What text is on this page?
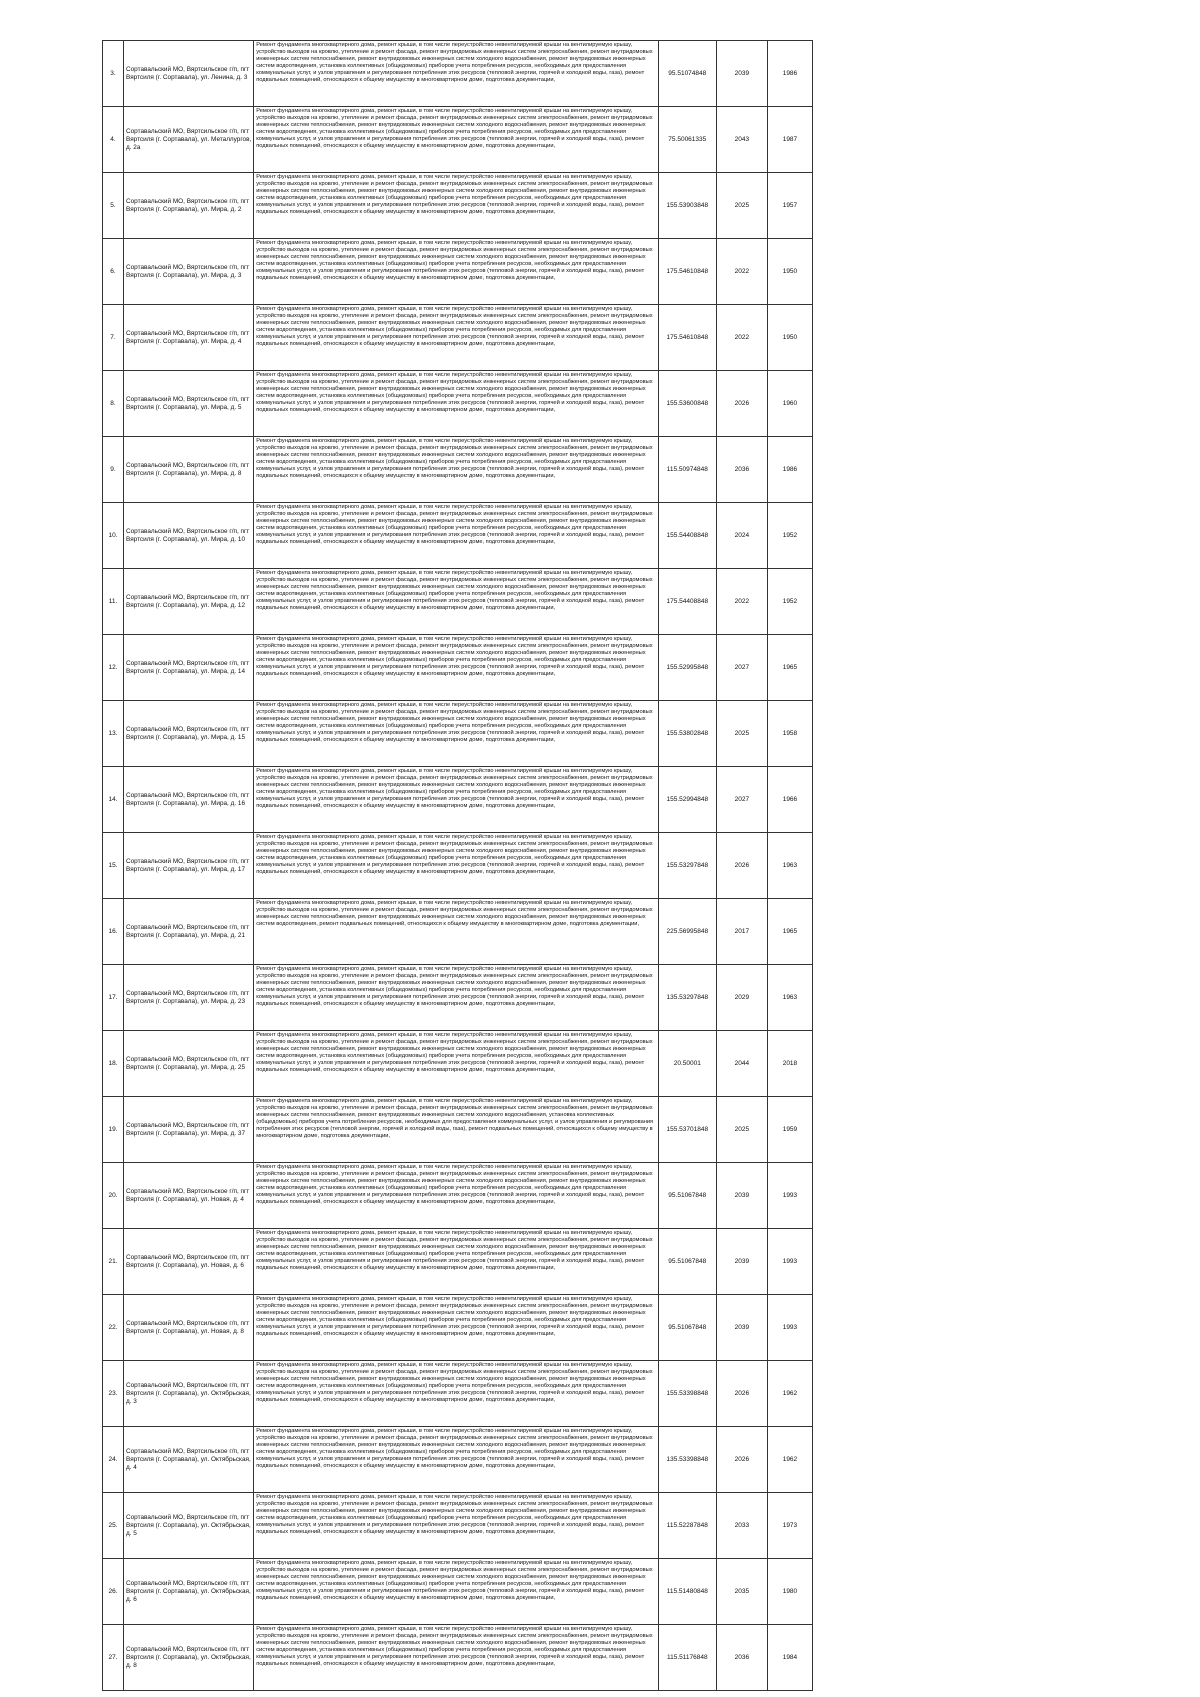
3.	Сортавальский МО, Вяртсильское г/п, пгт Вяртсиля (г. Сортавала), ул. Ленина, д. 3	Ремонт фундамента многоквартирного дома, ремонт крыши, в том числе переустройство невентилируемой крыши на вентилируемую крышу, устройство выходов на кровлю, утепление и ремонт фасада, ремонт внутридомовых инженерных систем электроснабжения, ремонт внутридомовых инженерных систем теплоснабжения, ремонт внутридомовых инженерных систем холодного водоснабжения, ремонт внутридомовых инженерных систем водоотведения, установка коллективных (общедомовых) приборов учета потребления ресурсов, необходимых для предоставления коммунальных услуг, и узлов управления и регулирования потребления этих ресурсов (тепловой энергии, горячей и холодной воды, газа), ремонт подвальных помещений, относящихся к общему имуществу в многоквартирном доме, подготовка документации,	95.51074848	2039	1986

4.	Сортавальский МО, Вяртсильское г/п, пгт Вяртсиля (г. Сортавала), ул. Металлургов, д. 2а	Ремонт фундамента многоквартирного дома, ремонт крыши, в том числе переустройство невентилируемой крыши на вентилируемую крышу, устройство выходов на кровлю, утепление и ремонт фасада, ремонт внутридомовых инженерных систем электроснабжения, ремонт внутридомовых инженерных систем теплоснабжения, ремонт внутридомовых инженерных систем холодного водоснабжения, ремонт внутридомовых инженерных систем водоотведения, установка коллективных (общедомовых) приборов учета потребления ресурсов, необходимых для предоставления коммунальных услуг, и узлов управления и регулирования потребления этих ресурсов (тепловой энергии, горячей и холодной воды, газа), ремонт подвальных помещений, относящихся к общему имуществу в многоквартирном доме, подготовка документации,	75.50061335	2043	1987

5.	Сортавальский МО, Вяртсильское г/п, пгт Вяртсиля (г. Сортавала), ул. Мира, д. 2	Ремонт фундамента многоквартирного дома, ремонт крыши, в том числе переустройство невентилируемой крыши на вентилируемую крышу, устройство выходов на кровлю, утепление и ремонт фасада, ремонт внутридомовых инженерных систем электроснабжения, ремонт внутридомовых инженерных систем теплоснабжения, ремонт внутридомовых инженерных систем холодного водоснабжения, ремонт внутридомовых инженерных систем водоотведения, установка коллективных (общедомовых) приборов учета потребления ресурсов, необходимых для предоставления коммунальных услуг, и узлов управления и регулирования потребления этих ресурсов (тепловой энергии, горячей и холодной воды, газа), ремонт подвальных помещений, относящихся к общему имуществу в многоквартирном доме, подготовка документации,	155.53903848	2025	1957

6.	Сортавальский МО, Вяртсильское г/п, пгт Вяртсиля (г. Сортавала), ул. Мира, д. 3	Ремонт фундамента многоквартирного дома, ремонт крыши, в том числе переустройство невентилируемой крыши на вентилируемую крышу, устройство выходов на кровлю, утепление и ремонт фасада, ремонт внутридомовых инженерных систем электроснабжения, ремонт внутридомовых инженерных систем теплоснабжения, ремонт внутридомовых инженерных систем холодного водоснабжения, ремонт внутридомовых инженерных систем водоотведения, установка коллективных (общедомовых) приборов учета потребления ресурсов, необходимых для предоставления коммунальных услуг, и узлов управления и регулирования потребления этих ресурсов (тепловой энергии, горячей и холодной воды, газа), ремонт подвальных помещений, относящихся к общему имуществу в многоквартирном доме, подготовка документации,	175.54610848	2022	1950

7.	Сортавальский МО, Вяртсильское г/п, пгт Вяртсиля (г. Сортавала), ул. Мира, д. 4	Ремонт фундамента многоквартирного дома, ремонт крыши, в том числе переустройство невентилируемой крыши на вентилируемую крышу, устройство выходов на кровлю, утепление и ремонт фасада, ремонт внутридомовых инженерных систем электроснабжения, ремонт внутридомовых инженерных систем теплоснабжения, ремонт внутридомовых инженерных систем холодного водоснабжения, ремонт внутридомовых инженерных систем водоотведения, установка коллективных (общедомовых) приборов учета потребления ресурсов, необходимых для предоставления коммунальных услуг, и узлов управления и регулирования потребления этих ресурсов (тепловой энергии, горячей и холодной воды, газа), ремонт подвальных помещений, относящихся к общему имуществу в многоквартирном доме, подготовка документации,	175.54610848	2022	1950

8.	Сортавальский МО, Вяртсильское г/п, пгт Вяртсиля (г. Сортавала), ул. Мира, д. 5	Ремонт фундамента многоквартирного дома, ремонт крыши, в том числе переустройство невентилируемой крыши на вентилируемую крышу, устройство выходов на кровлю, утепление и ремонт фасада, ремонт внутридомовых инженерных систем электроснабжения, ремонт внутридомовых инженерных систем теплоснабжения, ремонт внутридомовых инженерных систем холодного водоснабжения, ремонт внутридомовых инженерных систем водоотведения, установка коллективных (общедомовых) приборов учета потребления ресурсов, необходимых для предоставления коммунальных услуг, и узлов управления и регулирования потребления этих ресурсов (тепловой энергии, горячей и холодной воды, газа), ремонт подвальных помещений, относящихся к общему имуществу в многоквартирном доме, подготовка документации,	155.53600848	2026	1960

9.	Сортавальский МО, Вяртсильское г/п, пгт Вяртсиля (г. Сортавала), ул. Мира, д. 8	Ремонт фундамента многоквартирного дома, ремонт крыши, в том числе переустройство невентилируемой крыши на вентилируемую крышу, устройство выходов на кровлю, утепление и ремонт фасада, ремонт внутридомовых инженерных систем электроснабжения, ремонт внутридомовых инженерных систем теплоснабжения, ремонт внутридомовых инженерных систем холодного водоснабжения, ремонт внутридомовых инженерных систем водоотведения, установка коллективных (общедомовых) приборов учета потребления ресурсов, необходимых для предоставления коммунальных услуг, и узлов управления и регулирования потребления этих ресурсов (тепловой энергии, горячей и холодной воды, газа), ремонт подвальных помещений, относящихся к общему имуществу в многоквартирном доме, подготовка документации,	115.50974848	2036	1986

10.	Сортавальский МО, Вяртсильское г/п, пгт Вяртсиля (г. Сортавала), ул. Мира, д. 10	Ремонт фундамента многоквартирного дома, ремонт крыши, в том числе переустройство невентилируемой крыши на вентилируемую крышу, устройство выходов на кровлю, утепление и ремонт фасада, ремонт внутридомовых инженерных систем электроснабжения, ремонт внутридомовых инженерных систем теплоснабжения, ремонт внутридомовых инженерных систем холодного водоснабжения, ремонт внутридомовых инженерных систем водоотведения, установка коллективных (общедомовых) приборов учета потребления ресурсов, необходимых для предоставления коммунальных услуг, и узлов управления и регулирования потребления этих ресурсов (тепловой энергии, горячей и холодной воды, газа), ремонт подвальных помещений, относящихся к общему имуществу в многоквартирном доме, подготовка документации,	155.54408848	2024	1952

11.	Сортавальский МО, Вяртсильское г/п, пгт Вяртсиля (г. Сортавала), ул. Мира, д. 12	Ремонт фундамента многоквартирного дома, ремонт крыши, в том числе переустройство невентилируемой крыши на вентилируемую крышу, устройство выходов на кровлю, утепление и ремонт фасада, ремонт внутридомовых инженерных систем электроснабжения, ремонт внутридомовых инженерных систем теплоснабжения, ремонт внутридомовых инженерных систем холодного водоснабжения, ремонт внутридомовых инженерных систем водоотведения, установка коллективных (общедомовых) приборов учета потребления ресурсов, необходимых для предоставления коммунальных услуг, и узлов управления и регулирования потребления этих ресурсов (тепловой энергии, горячей и холодной воды, газа), ремонт подвальных помещений, относящихся к общему имуществу в многоквартирном доме, подготовка документации,	175.54408848	2022	1952

12.	Сортавальский МО, Вяртсильское г/п, пгт Вяртсиля (г. Сортавала), ул. Мира, д. 14	Ремонт фундамента многоквартирного дома, ремонт крыши, в том числе переустройство невентилируемой крыши на вентилируемую крышу, устройство выходов на кровлю, утепление и ремонт фасада, ремонт внутридомовых инженерных систем электроснабжения, ремонт внутридомовых инженерных систем теплоснабжения, ремонт внутридомовых инженерных систем холодного водоснабжения, ремонт внутридомовых инженерных систем водоотведения, установка коллективных (общедомовых) приборов учета потребления ресурсов, необходимых для предоставления коммунальных услуг, и узлов управления и регулирования потребления этих ресурсов (тепловой энергии, горячей и холодной воды, газа), ремонт подвальных помещений, относящихся к общему имуществу в многоквартирном доме, подготовка документации,	155.52995848	2027	1965

13.	Сортавальский МО, Вяртсильское г/п, пгт Вяртсиля (г. Сортавала), ул. Мира, д. 15	Ремонт фундамента многоквартирного дома, ремонт крыши, в том числе переустройство невентилируемой крыши на вентилируемую крышу, устройство выходов на кровлю, утепление и ремонт фасада, ремонт внутридомовых инженерных систем электроснабжения, ремонт внутридомовых инженерных систем теплоснабжения, ремонт внутридомовых инженерных систем холодного водоснабжения, ремонт внутридомовых инженерных систем водоотведения, установка коллективных (общедомовых) приборов учета потребления ресурсов, необходимых для предоставления коммунальных услуг, и узлов управления и регулирования потребления этих ресурсов (тепловой энергии, горячей и холодной воды, газа), ремонт подвальных помещений, относящихся к общему имуществу в многоквартирном доме, подготовка документации,	155.53802848	2025	1958

14.	Сортавальский МО, Вяртсильское г/п, пгт Вяртсиля (г. Сортавала), ул. Мира, д. 16	Ремонт фундамента многоквартирного дома, ремонт крыши, в том числе переустройство невентилируемой крыши на вентилируемую крышу, устройство выходов на кровлю, утепление и ремонт фасада, ремонт внутридомовых инженерных систем электроснабжения, ремонт внутридомовых инженерных систем теплоснабжения, ремонт внутридомовых инженерных систем холодного водоснабжения, ремонт внутридомовых инженерных систем водоотведения, установка коллективных (общедомовых) приборов учета потребления ресурсов, необходимых для предоставления коммунальных услуг, и узлов управления и регулирования потребления этих ресурсов (тепловой энергии, горячей и холодной воды, газа), ремонт подвальных помещений, относящихся к общему имуществу в многоквартирном доме, подготовка документации,	155.52994848	2027	1966

15.	Сортавальский МО, Вяртсильское г/п, пгт Вяртсиля (г. Сортавала), ул. Мира, д. 17	Ремонт фундамента многоквартирного дома, ремонт крыши, в том числе переустройство невентилируемой крыши на вентилируемую крышу, устройство выходов на кровлю, утепление и ремонт фасада, ремонт внутридомовых инженерных систем электроснабжения, ремонт внутридомовых инженерных систем теплоснабжения, ремонт внутридомовых инженерных систем холодного водоснабжения, ремонт внутридомовых инженерных систем водоотведения, установка коллективных (общедомовых) приборов учета потребления ресурсов, необходимых для предоставления коммунальных услуг, и узлов управления и регулирования потребления этих ресурсов (тепловой энергии, горячей и холодной воды, газа), ремонт подвальных помещений, относящихся к общему имуществу в многоквартирном доме, подготовка документации,	155.53297848	2026	1963

16.	Сортавальский МО, Вяртсильское г/п, пгт Вяртсиля (г. Сортавала), ул. Мира, д. 21	Ремонт фундамента многоквартирного дома, ремонт крыши, в том числе переустройство невентилируемой крыши на вентилируемую крышу, устройство выходов на кровлю, утепление и ремонт фасада, ремонт внутридомовых инженерных систем электроснабжения, ремонт внутридомовых инженерных систем теплоснабжения, ремонт внутридомовых инженерных систем холодного водоснабжения, ремонт внутридомовых инженерных систем водоотведения, ремонт подвальных помещений, относящихся к общему имуществу в многоквартирном доме, подготовка документации,	225.56995848	2017	1965

17.	Сортавальский МО, Вяртсильское г/п, пгт Вяртсиля (г. Сортавала), ул. Мира, д. 23	Ремонт фундамента многоквартирного дома, ремонт крыши, в том числе переустройство невентилируемой крыши на вентилируемую крышу, устройство выходов на кровлю, утепление и ремонт фасада, ремонт внутридомовых инженерных систем электроснабжения, ремонт внутридомовых инженерных систем теплоснабжения, ремонт внутридомовых инженерных систем холодного водоснабжения, ремонт внутридомовых инженерных систем водоотведения, установка коллективных (общедомовых) приборов учета потребления ресурсов, необходимых для предоставления коммунальных услуг, и узлов управления и регулирования потребления этих ресурсов (тепловой энергии, горячей и холодной воды, газа), ремонт подвальных помещений, относящихся к общему имуществу в многоквартирном доме, подготовка документации,	135.53297848	2029	1963

18.	Сортавальский МО, Вяртсильское г/п, пгт Вяртсиля (г. Сортавала), ул. Мира, д. 25	Ремонт фундамента многоквартирного дома, ремонт крыши, в том числе переустройство невентилируемой крыши на вентилируемую крышу, устройство выходов на кровлю, утепление и ремонт фасада, ремонт внутридомовых инженерных систем электроснабжения, ремонт внутридомовых инженерных систем теплоснабжения, ремонт внутридомовых инженерных систем холодного водоснабжения, ремонт внутридомовых инженерных систем водоотведения, установка коллективных (общедомовых) приборов учета потребления ресурсов, необходимых для предоставления коммунальных услуг, и узлов управления и регулирования потребления этих ресурсов (тепловой энергии, горячей и холодной воды, газа), ремонт подвальных помещений, относящихся к общему имуществу в многоквартирном доме, подготовка документации,	20.50001	2044	2018

19.	Сортавальский МО, Вяртсильское г/п, пгт Вяртсиля (г. Сортавала), ул. Мира, д. 37	Ремонт фундамента многоквартирного дома, ремонт крыши, в том числе переустройство невентилируемой крыши на вентилируемую крышу, устройство выходов на кровлю, утепление и ремонт фасада, ремонт внутридомовых инженерных систем электроснабжения, ремонт внутридомовых инженерных систем теплоснабжения, ремонт внутридомовых инженерных систем холодного водоснабжения, установка коллективных (общедомовых) приборов учета потребления ресурсов, необходимых для предоставления коммунальных услуг, и узлов управления и регулирования потребления этих ресурсов (тепловой энергии, горячей и холодной воды, газа), ремонт подвальных помещений, относящихся к общему имуществу в многоквартирном доме, подготовка документации,	155.53701848	2025	1959

20.	Сортавальский МО, Вяртсильское г/п, пгт Вяртсиля (г. Сортавала), ул. Новая, д. 4	Ремонт фундамента многоквартирного дома, ремонт крыши, в том числе переустройство невентилируемой крыши на вентилируемую крышу, устройство выходов на кровлю, утепление и ремонт фасада, ремонт внутридомовых инженерных систем электроснабжения, ремонт внутридомовых инженерных систем теплоснабжения, ремонт внутридомовых инженерных систем холодного водоснабжения, ремонт внутридомовых инженерных систем водоотведения, установка коллективных (общедомовых) приборов учета потребления ресурсов, необходимых для предоставления коммунальных услуг, и узлов управления и регулирования потребления этих ресурсов (тепловой энергии, горячей и холодной воды, газа), ремонт подвальных помещений, относящихся к общему имуществу в многоквартирном доме, подготовка документации,	95.51067848	2039	1993

21.	Сортавальский МО, Вяртсильское г/п, пгт Вяртсиля (г. Сортавала), ул. Новая, д. 6	Ремонт фундамента многоквартирного дома, ремонт крыши, в том числе переустройство невентилируемой крыши на вентилируемую крышу, устройство выходов на кровлю, утепление и ремонт фасада, ремонт внутридомовых инженерных систем электроснабжения, ремонт внутридомовых инженерных систем теплоснабжения, ремонт внутридомовых инженерных систем холодного водоснабжения, ремонт внутридомовых инженерных систем водоотведения, установка коллективных (общедомовых) приборов учета потребления ресурсов, необходимых для предоставления коммунальных услуг, и узлов управления и регулирования потребления этих ресурсов (тепловой энергии, горячей и холодной воды, газа), ремонт подвальных помещений, относящихся к общему имуществу в многоквартирном доме, подготовка документации,	95.51067848	2039	1993

22.	Сортавальский МО, Вяртсильское г/п, пгт Вяртсиля (г. Сортавала), ул. Новая, д. 8	Ремонт фундамента многоквартирного дома, ремонт крыши, в том числе переустройство невентилируемой крыши на вентилируемую крышу, устройство выходов на кровлю, утепление и ремонт фасада, ремонт внутридомовых инженерных систем электроснабжения, ремонт внутридомовых инженерных систем теплоснабжения, ремонт внутридомовых инженерных систем холодного водоснабжения, ремонт внутридомовых инженерных систем водоотведения, установка коллективных (общедомовых) приборов учета потребления ресурсов, необходимых для предоставления коммунальных услуг, и узлов управления и регулирования потребления этих ресурсов (тепловой энергии, горячей и холодной воды, газа), ремонт подвальных помещений, относящихся к общему имуществу в многоквартирном доме, подготовка документации,	95.51067848	2039	1993

23.	Сортавальский МО, Вяртсильское г/п, пгт Вяртсиля (г. Сортавала), ул. Октябрьская, д. 3	Ремонт фундамента многоквартирного дома, ремонт крыши, в том числе переустройство невентилируемой крыши на вентилируемую крышу, устройство выходов на кровлю, утепление и ремонт фасада, ремонт внутридомовых инженерных систем электроснабжения, ремонт внутридомовых инженерных систем теплоснабжения, ремонт внутридомовых инженерных систем холодного водоснабжения, ремонт внутридомовых инженерных систем водоотведения, установка коллективных (общедомовых) приборов учета потребления ресурсов, необходимых для предоставления коммунальных услуг, и узлов управления и регулирования потребления этих ресурсов (тепловой энергии, горячей и холодной воды, газа), ремонт подвальных помещений, относящихся к общему имуществу в многоквартирном доме, подготовка документации,	155.53398848	2026	1962

24.	Сортавальский МО, Вяртсильское г/п, пгт Вяртсиля (г. Сортавала), ул. Октябрьская, д. 4	Ремонт фундамента многоквартирного дома, ремонт крыши, в том числе переустройство невентилируемой крыши на вентилируемую крышу, устройство выходов на кровлю, утепление и ремонт фасада, ремонт внутридомовых инженерных систем электроснабжения, ремонт внутридомовых инженерных систем теплоснабжения, ремонт внутридомовых инженерных систем холодного водоснабжения, ремонт внутридомовых инженерных систем водоотведения, установка коллективных (общедомовых) приборов учета потребления ресурсов, необходимых для предоставления коммунальных услуг, и узлов управления и регулирования потребления этих ресурсов (тепловой энергии, горячей и холодной воды, газа), ремонт подвальных помещений, относящихся к общему имуществу в многоквартирном доме, подготовка документации,	135.53398848	2026	1962

25.	Сортавальский МО, Вяртсильское г/п, пгт Вяртсиля (г. Сортавала), ул. Октябрьская, д. 5	Ремонт фундамента многоквартирного дома, ремонт крыши, в том числе переустройство невентилируемой крыши на вентилируемую крышу, устройство выходов на кровлю, утепление и ремонт фасада, ремонт внутридомовых инженерных систем электроснабжения, ремонт внутридомовых инженерных систем теплоснабжения, ремонт внутридомовых инженерных систем холодного водоснабжения, ремонт внутридомовых инженерных систем водоотведения, установка коллективных (общедомовых) приборов учета потребления ресурсов, необходимых для предоставления коммунальных услуг, и узлов управления и регулирования потребления этих ресурсов (тепловой энергии, горячей и холодной воды, газа), ремонт подвальных помещений, относящихся к общему имуществу в многоквартирном доме, подготовка документации,	115.52287848	2033	1973

26.	Сортавальский МО, Вяртсильское г/п, пгт Вяртсиля (г. Сортавала), ул. Октябрьская, д. 6	Ремонт фундамента многоквартирного дома, ремонт крыши, в том числе переустройство невентилируемой крыши на вентилируемую крышу, устройство выходов на кровлю, утепление и ремонт фасада, ремонт внутридомовых инженерных систем электроснабжения, ремонт внутридомовых инженерных систем теплоснабжения, ремонт внутридомовых инженерных систем холодного водоснабжения, ремонт внутридомовых инженерных систем водоотведения, установка коллективных (общедомовых) приборов учета потребления ресурсов, необходимых для предоставления коммунальных услуг, и узлов управления и регулирования потребления этих ресурсов (тепловой энергии, горячей и холодной воды, газа), ремонт подвальных помещений, относящихся к общему имуществу в многоквартирном доме, подготовка документации,	115.51480848	2035	1980

27.	Сортавальский МО, Вяртсильское г/п, пгт Вяртсиля (г. Сортавала), ул. Октябрьская, д. 8	Ремонт фундамента многоквартирного дома, ремонт крыши, в том числе переустройство невентилируемой крыши на вентилируемую крышу, устройство выходов на кровлю, утепление и ремонт фасада, ремонт внутридомовых инженерных систем электроснабжения, ремонт внутридомовых инженерных систем теплоснабжения, ремонт внутридомовых инженерных систем холодного водоснабжения, ремонт внутридомовых инженерных систем водоотведения, установка коллективных (общедомовых) приборов учета потребления ресурсов, необходимых для предоставления коммунальных услуг, и узлов управления и регулирования потребления этих ресурсов (тепловой энергии, горячей и холодной воды, газа), ремонт подвальных помещений, относящихся к общему имуществу в многоквартирном доме, подготовка документации,	115.51176848	2036	1984
